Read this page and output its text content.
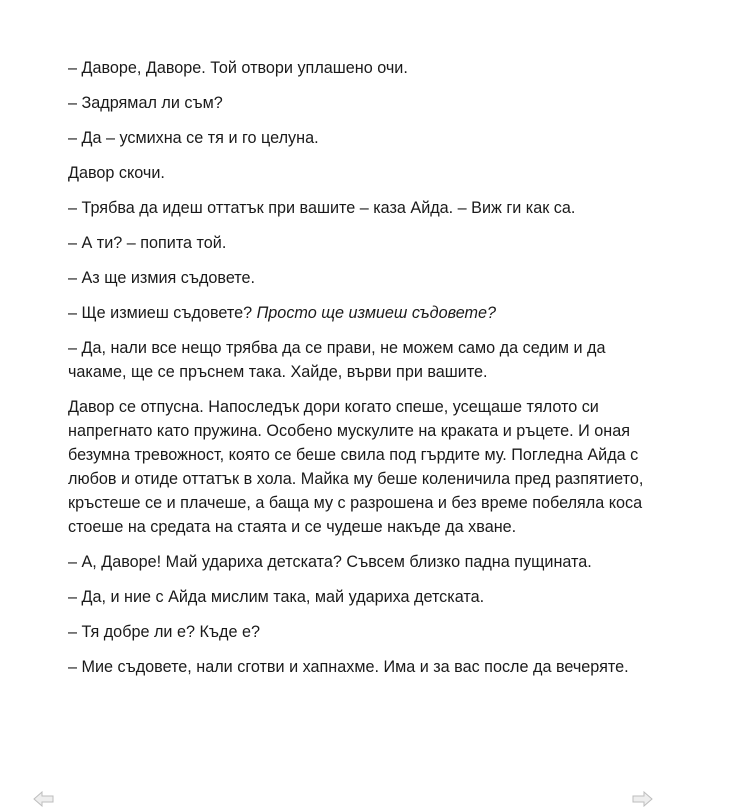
– Даворе, Даворе. Той отвори уплашено очи.

– Задрямал ли съм?

– Да – усмихна се тя и го целуна.

Давор скочи.

– Трябва да идеш оттатък при вашите – каза Айда. – Виж ги как са.

– А ти? – попита той.

– Аз ще измия съдовете.

– Ще измиеш съдовете? Просто ще измиеш съдовете?

– Да, нали все нещо трябва да се прави, не можем само да седим и да чакаме, ще се пръснем така. Хайде, върви при вашите.

Давор се отпусна. Напоследък дори когато спеше, усещаше тялото си напрегнато като пружина. Особено мускулите на краката и ръцете. И оная безумна тревожност, която се беше свила под гърдите му. Погледна Айда с любов и отиде оттатък в хола. Майка му беше коленичила пред разпятието, кръстеше се и плачеше, а баща му с разрошена и без време побеляла коса стоеше на средата на стаята и се чудеше накъде да хване.

– А, Даворе! Май удариха детската? Съвсем близко падна пущината.

– Да, и ние с Айда мислим така, май удариха детската.

– Тя добре ли е? Къде е?

– Мие съдовете, нали сготви и хапнахме. Има и за вас после да вечеряте.
